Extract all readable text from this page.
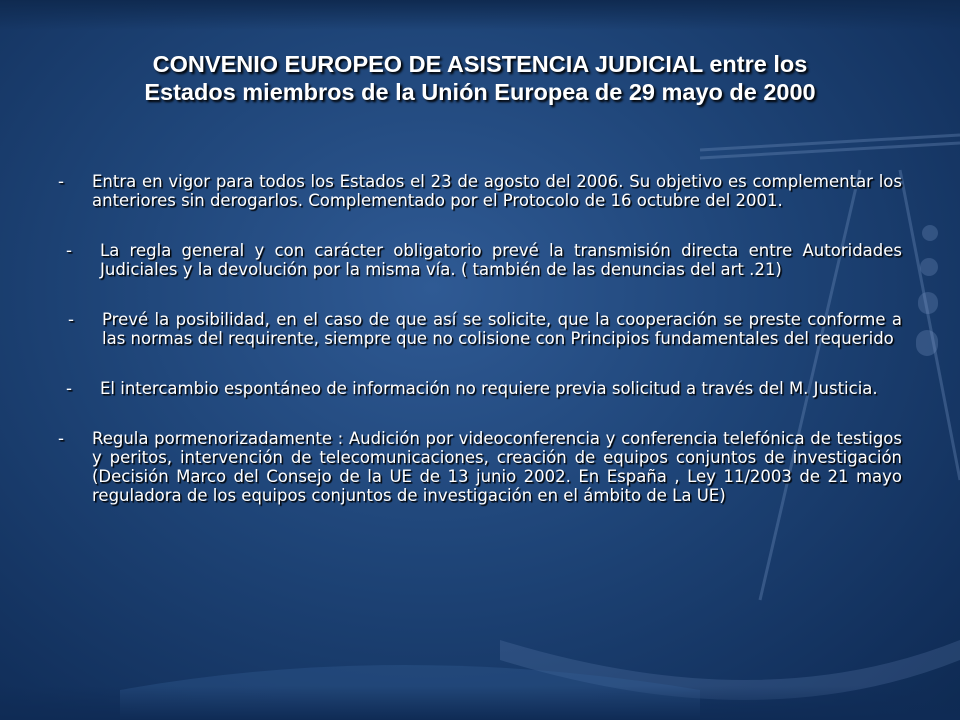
CONVENIO EUROPEO DE ASISTENCIA JUDICIAL entre los
Estados miembros de la Unión Europea de 29 mayo de 2000
-	Entra en vigor para todos los Estados el 23 de agosto del 2006. Su objetivo es complementar los anteriores sin derogarlos. Complementado por el Protocolo de 16 octubre del 2001.
-	La regla general y con carácter obligatorio prevé la transmisión directa entre Autoridades Judiciales y la devolución por la misma vía. ( también de las denuncias del art .21)
-	Prevé la posibilidad, en el caso de que así se solicite, que la cooperación se preste conforme a las normas del requirente, siempre que no colisione con Principios fundamentales del requerido
-	El intercambio espontáneo de información no requiere previa solicitud a través del M. Justicia.
-	Regula pormenorizadamente : Audición por videoconferencia y conferencia telefónica de testigos y peritos, intervención de telecomunicaciones, creación de equipos conjuntos de investigación (Decisión Marco del Consejo de la UE de 13 junio 2002. En España , Ley 11/2003 de 21 mayo reguladora de los equipos conjuntos de investigación en el ámbito de La UE)
